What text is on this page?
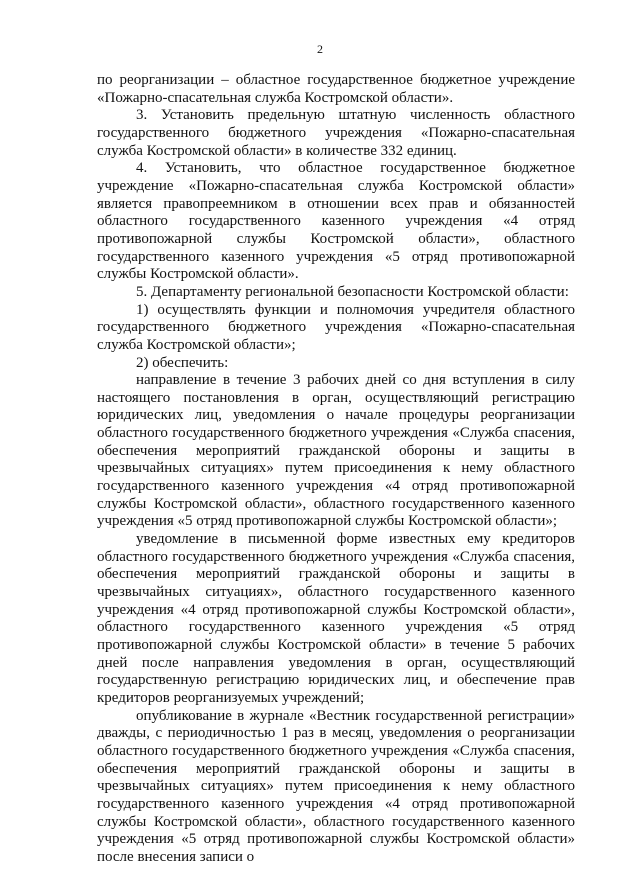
2

по реорганизации – областное государственное бюджетное учреждение «Пожарно-спасательная служба Костромской области».

3. Установить предельную штатную численность областного государственного бюджетного учреждения «Пожарно-спасательная служба Костромской области» в количестве 332 единиц.

4. Установить, что областное государственное бюджетное учреждение «Пожарно-спасательная служба Костромской области» является правопреемником в отношении всех прав и обязанностей областного государственного казенного учреждения «4 отряд противопожарной службы Костромской области», областного государственного казенного учреждения «5 отряд противопожарной службы Костромской области».

5. Департаменту региональной безопасности Костромской области:

1) осуществлять функции и полномочия учредителя областного государственного бюджетного учреждения «Пожарно-спасательная служба Костромской области»;

2) обеспечить:

направление в течение 3 рабочих дней со дня вступления в силу настоящего постановления в орган, осуществляющий регистрацию юридических лиц, уведомления о начале процедуры реорганизации областного государственного бюджетного учреждения «Служба спасения, обеспечения мероприятий гражданской обороны и защиты в чрезвычайных ситуациях» путем присоединения к нему областного государственного казенного учреждения «4 отряд противопожарной службы Костромской области», областного государственного казенного учреждения «5 отряд противопожарной службы Костромской области»;

уведомление в письменной форме известных ему кредиторов областного государственного бюджетного учреждения «Служба спасения, обеспечения мероприятий гражданской обороны и защиты в чрезвычайных ситуациях», областного государственного казенного учреждения «4 отряд противопожарной службы Костромской области», областного государственного казенного учреждения «5 отряд противопожарной службы Костромской области» в течение 5 рабочих дней после направления уведомления в орган, осуществляющий государственную регистрацию юридических лиц, и обеспечение прав кредиторов реорганизуемых учреждений;

опубликование в журнале «Вестник государственной регистрации» дважды, с периодичностью 1 раз в месяц, уведомления о реорганизации областного государственного бюджетного учреждения «Служба спасения, обеспечения мероприятий гражданской обороны и защиты в чрезвычайных ситуациях» путем присоединения к нему областного государственного казенного учреждения «4 отряд противопожарной службы Костромской области», областного государственного казенного учреждения «5 отряд противопожарной службы Костромской области» после внесения записи о
